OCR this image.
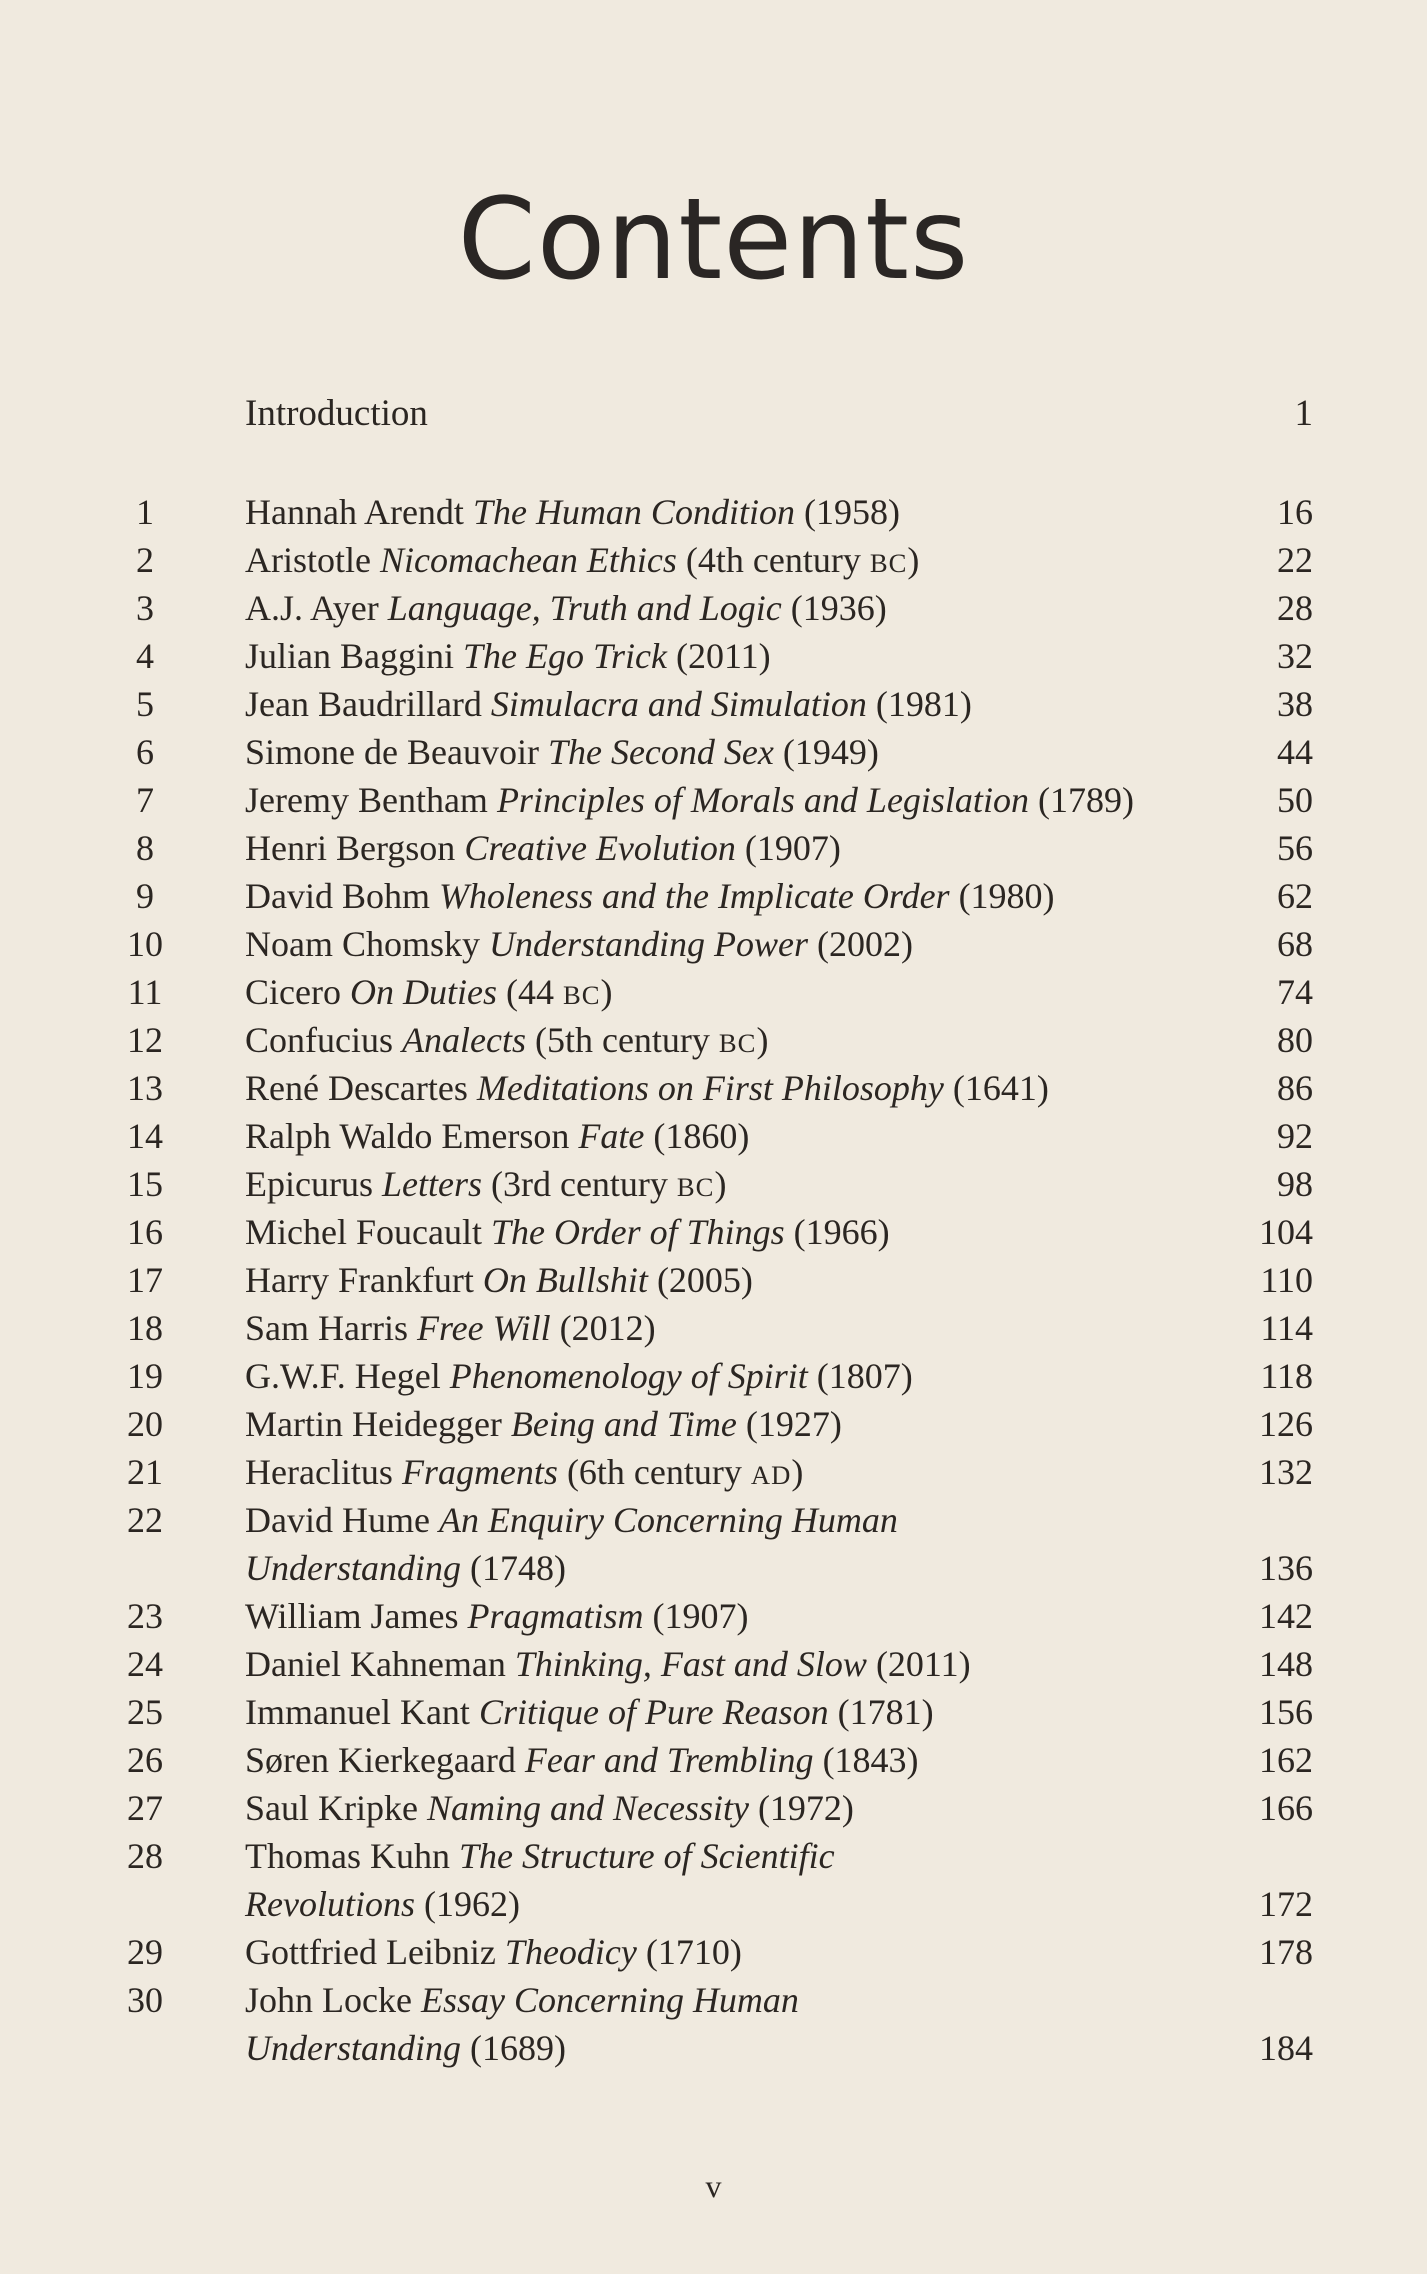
Contents
Introduction	1
1	Hannah Arendt The Human Condition (1958)	16
2	Aristotle Nicomachean Ethics (4th century BC)	22
3	A.J. Ayer Language, Truth and Logic (1936)	28
4	Julian Baggini The Ego Trick (2011)	32
5	Jean Baudrillard Simulacra and Simulation (1981)	38
6	Simone de Beauvoir The Second Sex (1949)	44
7	Jeremy Bentham Principles of Morals and Legislation (1789)	50
8	Henri Bergson Creative Evolution (1907)	56
9	David Bohm Wholeness and the Implicate Order (1980)	62
10	Noam Chomsky Understanding Power (2002)	68
11	Cicero On Duties (44 BC)	74
12	Confucius Analects (5th century BC)	80
13	René Descartes Meditations on First Philosophy (1641)	86
14	Ralph Waldo Emerson Fate (1860)	92
15	Epicurus Letters (3rd century BC)	98
16	Michel Foucault The Order of Things (1966)	104
17	Harry Frankfurt On Bullshit (2005)	110
18	Sam Harris Free Will (2012)	114
19	G.W.F. Hegel Phenomenology of Spirit (1807)	118
20	Martin Heidegger Being and Time (1927)	126
21	Heraclitus Fragments (6th century AD)	132
22	David Hume An Enquiry Concerning Human
Understanding (1748)	136
23	William James Pragmatism (1907)	142
24	Daniel Kahneman Thinking, Fast and Slow (2011)	148
25	Immanuel Kant Critique of Pure Reason (1781)	156
26	Søren Kierkegaard Fear and Trembling (1843)	162
27	Saul Kripke Naming and Necessity (1972)	166
28	Thomas Kuhn The Structure of Scientific
Revolutions (1962)	172
29	Gottfried Leibniz Theodicy (1710)	178
30	John Locke Essay Concerning Human
Understanding (1689)	184
v
